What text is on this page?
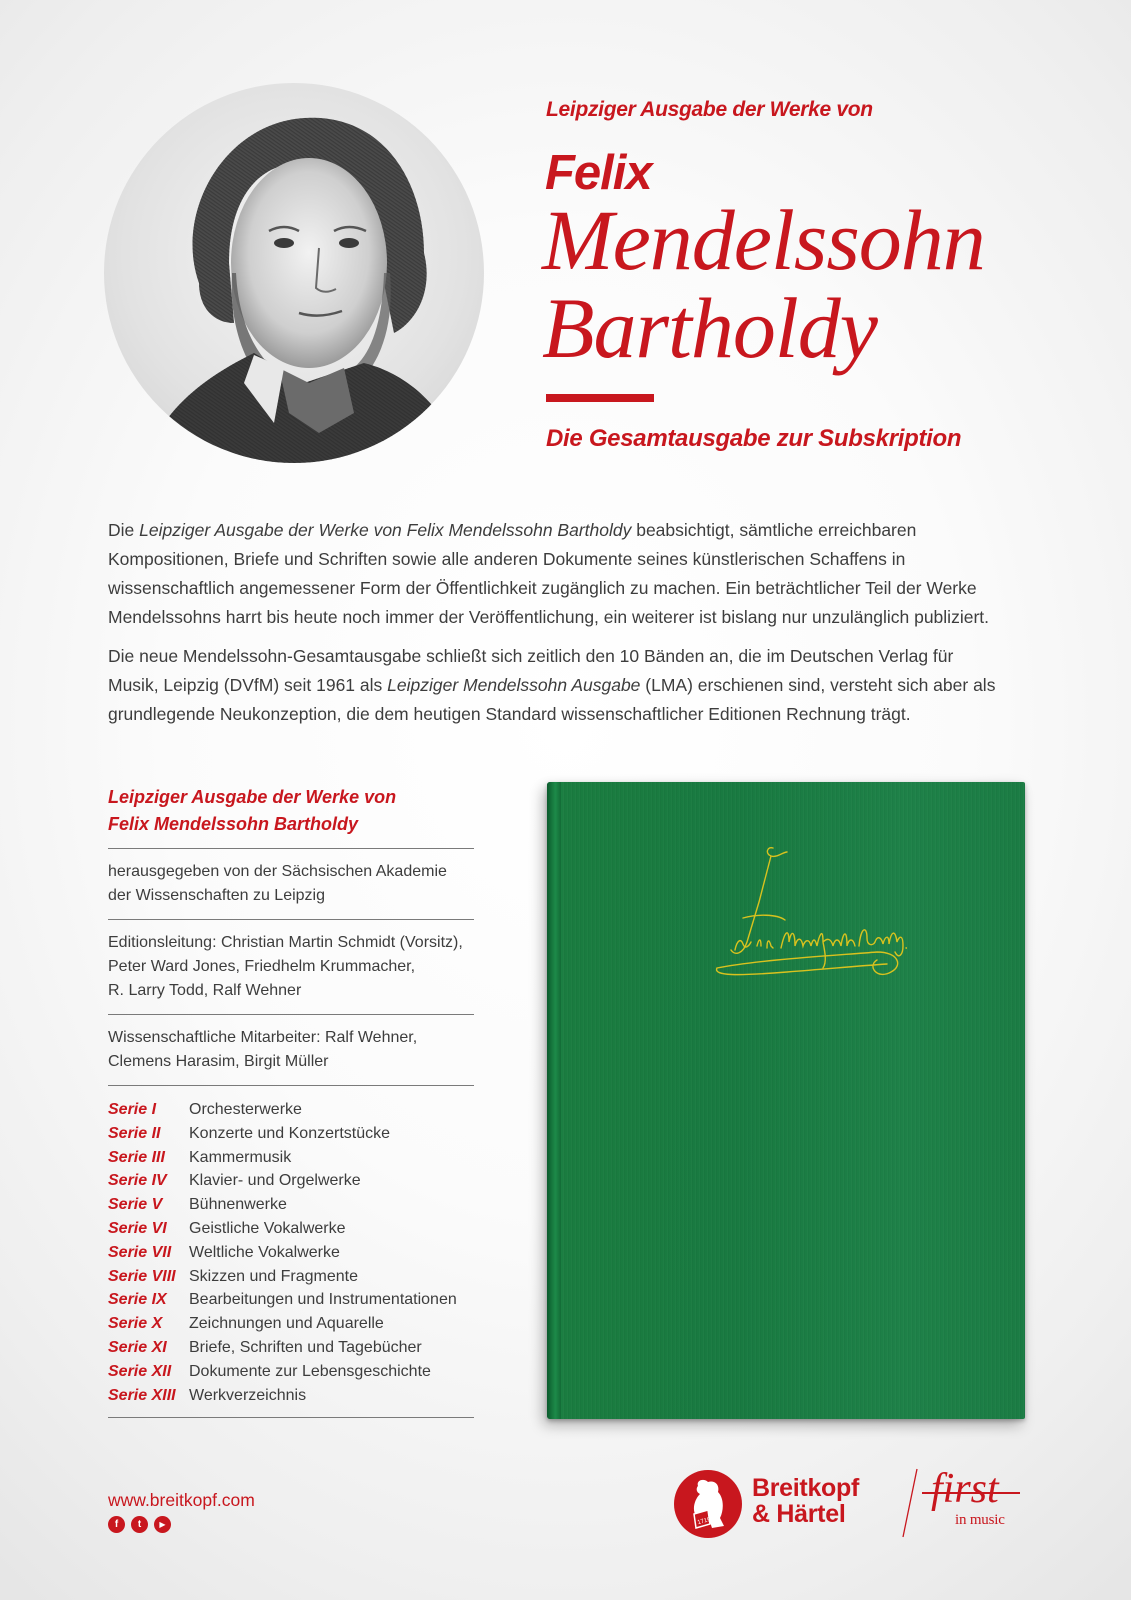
Leipziger Ausgabe der Werke von
Felix
Mendelssohn
Bartholdy
Die Gesamtausgabe zur Subskription

Die Leipziger Ausgabe der Werke von Felix Mendelssohn Bartholdy beabsichtigt, sämtliche erreichbaren Kompositionen, Briefe und Schriften sowie alle anderen Dokumente seines künstlerischen Schaffens in wissenschaftlich angemessener Form der Öffentlichkeit zugänglich zu machen. Ein beträchtlicher Teil der Werke Mendelssohns harrt bis heute noch immer der Veröffentlichung, ein weiterer ist bislang nur unzulänglich publiziert.

Die neue Mendelssohn-Gesamtausgabe schließt sich zeitlich den 10 Bänden an, die im Deutschen Verlag für Musik, Leipzig (DVfM) seit 1961 als Leipziger Mendelssohn Ausgabe (LMA) erschienen sind, versteht sich aber als grundlegende Neukonzeption, die dem heutigen Standard wissenschaftlicher Editionen Rechnung trägt.

Leipziger Ausgabe der Werke von
Felix Mendelssohn Bartholdy
herausgegeben von der Sächsischen Akademie
der Wissenschaften zu Leipzig
Editionsleitung: Christian Martin Schmidt (Vorsitz),
Peter Ward Jones, Friedhelm Krummacher,
R. Larry Todd, Ralf Wehner
Wissenschaftliche Mitarbeiter: Ralf Wehner,
Clemens Harasim, Birgit Müller
Serie I	Orchesterwerke
Serie II	Konzerte und Konzertstücke
Serie III	Kammermusik
Serie IV	Klavier- und Orgelwerke
Serie V	Bühnenwerke
Serie VI	Geistliche Vokalwerke
Serie VII	Weltliche Vokalwerke
Serie VIII Skizzen und Fragmente
Serie IX	Bearbeitungen und Instrumentationen
Serie X	Zeichnungen und Aquarelle
Serie XI	Briefe, Schriften und Tagebücher
Serie XII	Dokumente zur Lebensgeschichte
Serie XIII Werkverzeichnis
www.breitkopf.com
f	t	▶	1719
Breitkopf
& Härtel
first
in music
